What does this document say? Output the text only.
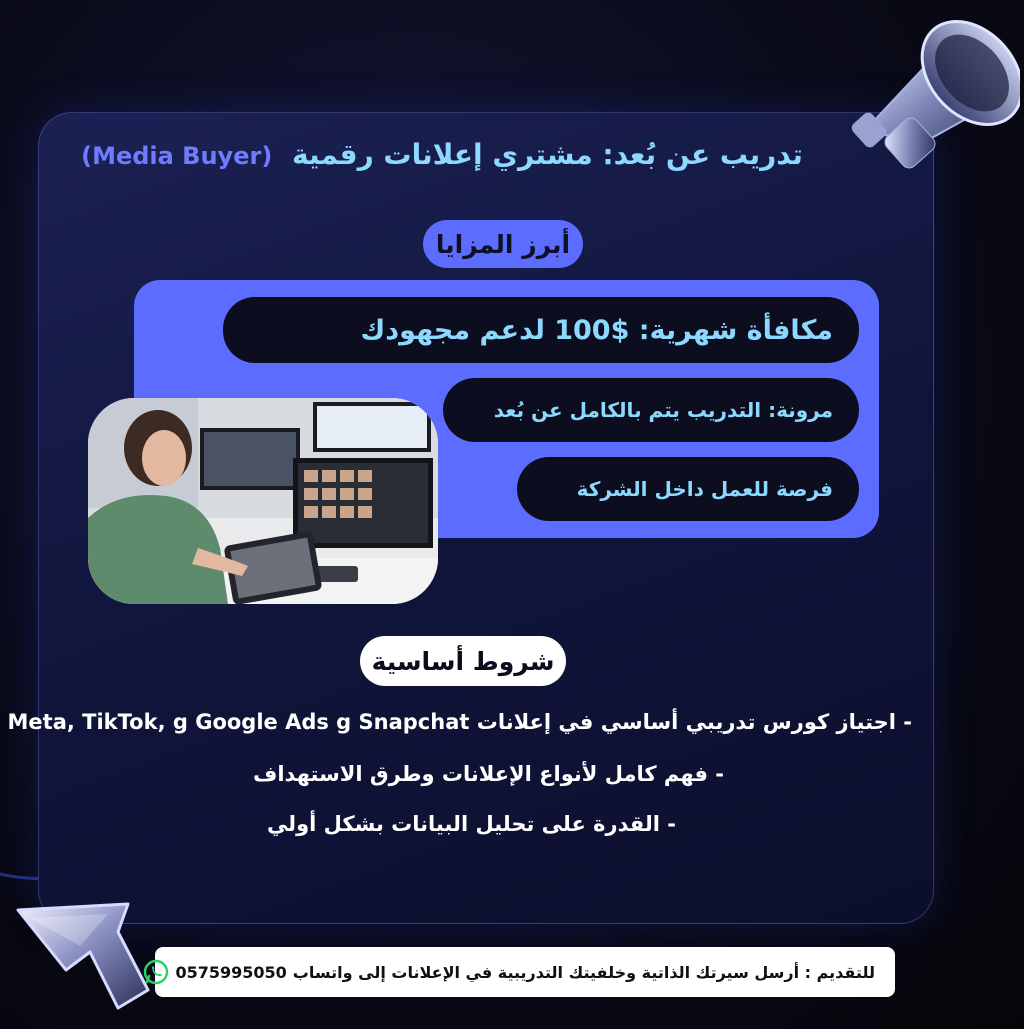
تدريب عن بُعد: مشتري إعلانات رقمية (Media Buyer)
أبرز المزايا
مكافأة شهرية: $100 لدعم مجهودك
مرونة: التدريب يتم بالكامل عن بُعد
فرصة للعمل داخل الشركة
شروط أساسية
- اجتياز كورس تدريبي أساسي في إعلانات Meta, TikTok, g Google Ads g Snapchat
- فهم كامل لأنواع الإعلانات وطرق الاستهداف
- القدرة على تحليل البيانات بشكل أولي
للتقديم : أرسل سيرتك الذاتية وخلفيتك التدريبية في الإعلانات إلى واتساب
0575995050
